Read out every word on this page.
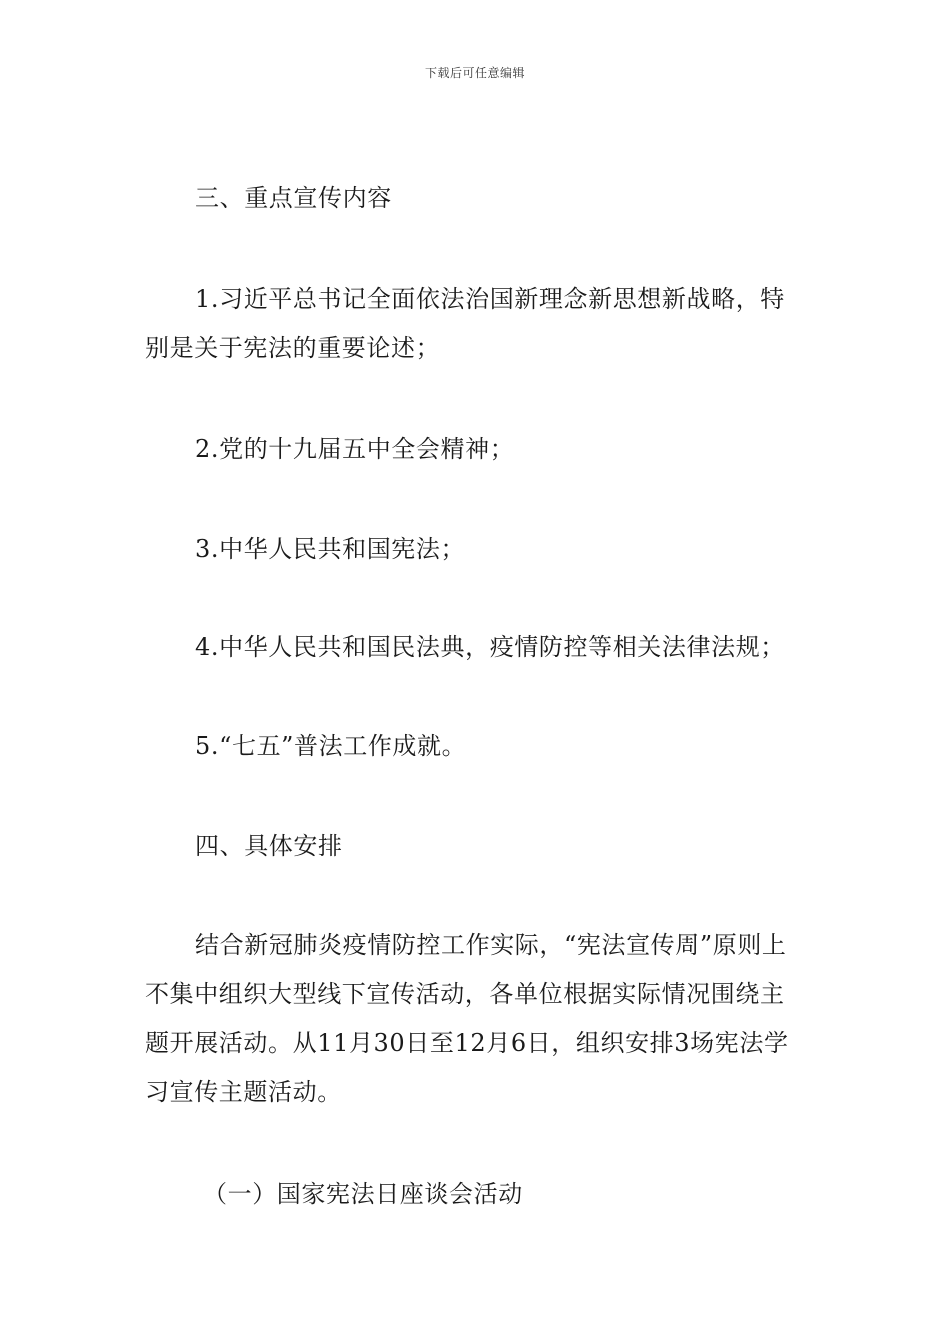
下载后可任意编辑

三、重点宣传内容

1.习近平总书记全面依法治国新理念新思想新战略，特别是关于宪法的重要论述；

2.党的十九届五中全会精神；

3.中华人民共和国宪法；

4.中华人民共和国民法典，疫情防控等相关法律法规；

5.“七五”普法工作成就。

四、具体安排

结合新冠肺炎疫情防控工作实际，“宪法宣传周”原则上不集中组织大型线下宣传活动，各单位根据实际情况围绕主题开展活动。从11月30日至12月6日，组织安排3场宪法学习宣传主题活动。

（一）国家宪法日座谈会活动
